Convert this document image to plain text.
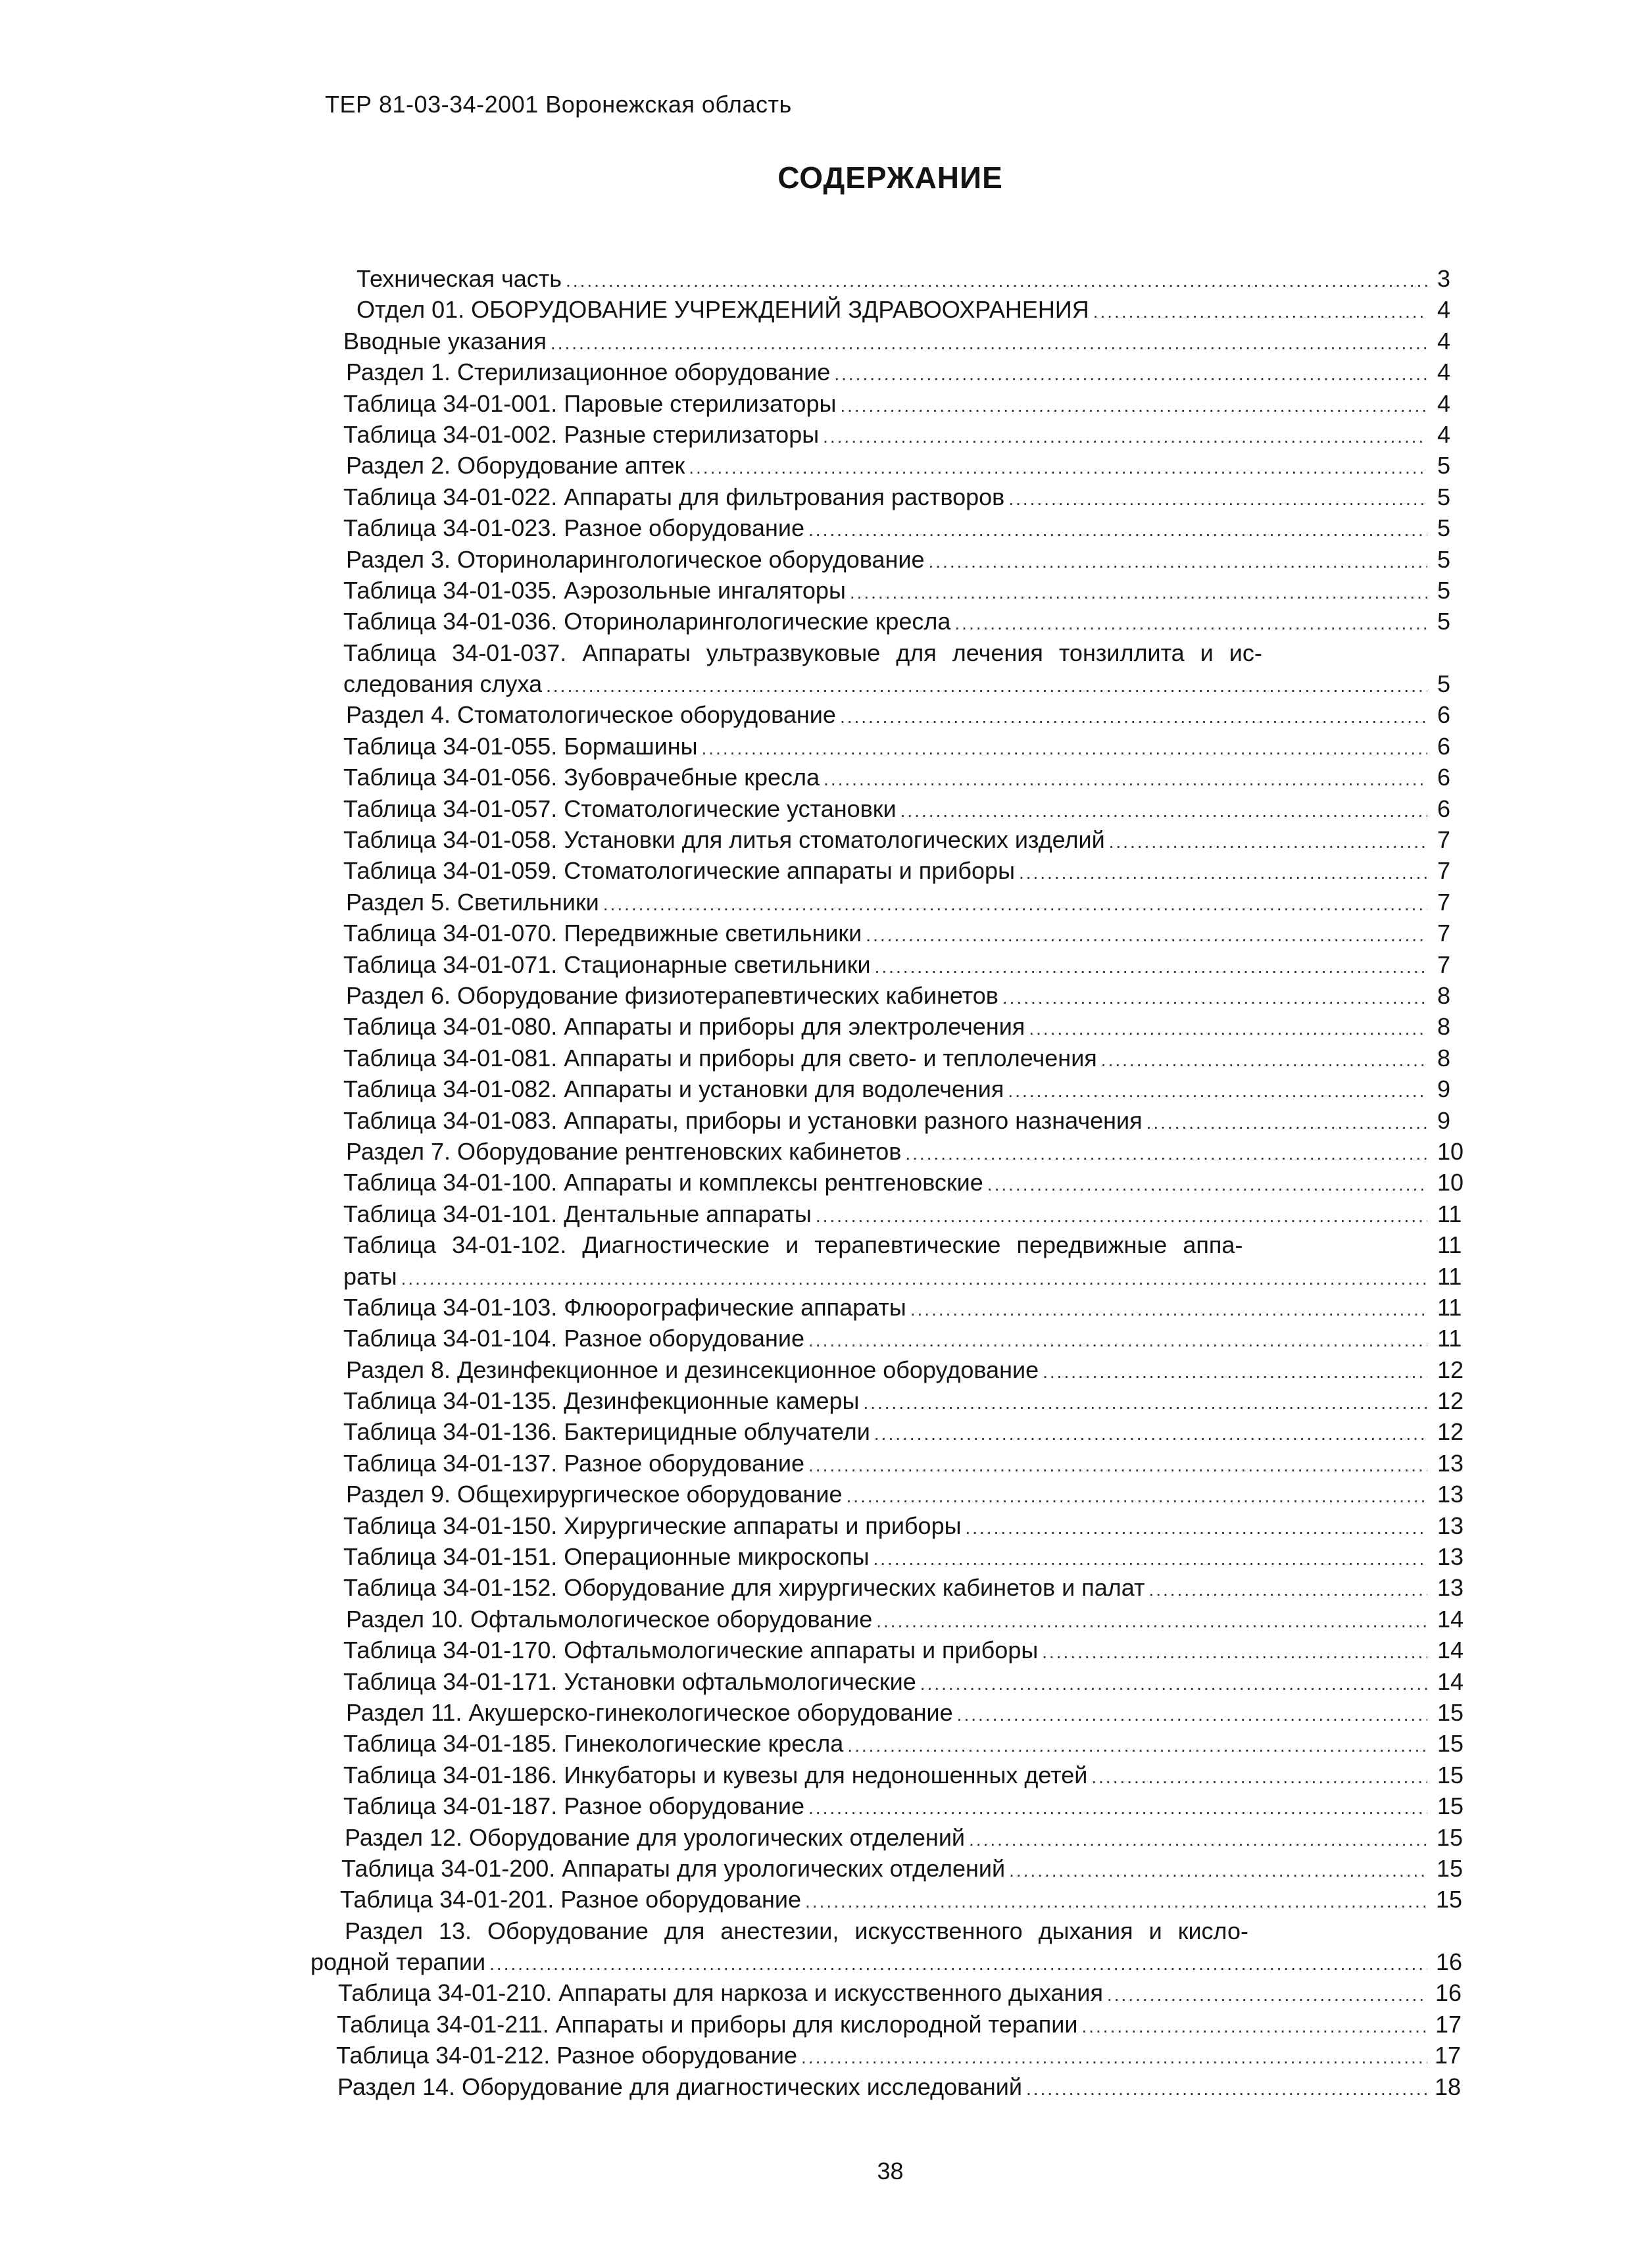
ТЕР 81-03-34-2001 Воронежская область
СОДЕРЖАНИЕ
Техническая часть .....	3
Отдел 01. ОБОРУДОВАНИЕ УЧРЕЖДЕНИЙ ЗДРАВООХРАНЕНИЯ .....	4
Вводные указания .....	4
Раздел 1. Стерилизационное оборудование .....	4
Таблица 34-01-001. Паровые стерилизаторы .....	4
Таблица 34-01-002. Разные стерилизаторы .....	4
Раздел 2. Оборудование аптек .....	5
Таблица 34-01-022. Аппараты для фильтрования растворов .....	5
Таблица 34-01-023. Разное оборудование .....	5
Раздел 3. Оториноларингологическое оборудование .....	5
Таблица 34-01-035. Аэрозольные ингаляторы .....	5
Таблица 34-01-036. Оториноларингологические кресла .....	5
Таблица 34-01-037. Аппараты ультразвуковые для лечения тонзиллита и ис-
следования слуха .....	5
Раздел 4. Стоматологическое оборудование .....	6
Таблица 34-01-055. Бормашины .....	6
Таблица 34-01-056. Зубоврачебные кресла .....	6
Таблица 34-01-057. Стоматологические установки .....	6
Таблица 34-01-058. Установки для литья стоматологических изделий .....	7
Таблица 34-01-059. Стоматологические аппараты и приборы .....	7
Раздел 5. Светильники .....	7
Таблица 34-01-070. Передвижные светильники .....	7
Таблица 34-01-071. Стационарные светильники .....	7
Раздел 6. Оборудование физиотерапевтических кабинетов .....	8
Таблица 34-01-080. Аппараты и приборы для электролечения .....	8
Таблица 34-01-081. Аппараты и приборы для свето- и теплолечения .....	8
Таблица 34-01-082. Аппараты и установки для водолечения .....	9
Таблица 34-01-083. Аппараты, приборы и установки разного назначения .....	9
Раздел 7. Оборудование рентгеновских кабинетов .....	10
Таблица 34-01-100. Аппараты и комплексы рентгеновские .....	10
Таблица 34-01-101. Дентальные аппараты .....	11
Таблица 34-01-102. Диагностические и терапевтические передвижные аппа-	11
раты .....	11
Таблица 34-01-103. Флюорографические аппараты .....	11
Таблица 34-01-104. Разное оборудование .....	11
Раздел 8. Дезинфекционное и дезинсекционное оборудование .....	12
Таблица 34-01-135. Дезинфекционные камеры .....	12
Таблица 34-01-136. Бактерицидные облучатели .....	12
Таблица 34-01-137. Разное оборудование .....	13
Раздел 9. Общехирургическое оборудование .....	13
Таблица 34-01-150. Хирургические аппараты и приборы .....	13
Таблица 34-01-151. Операционные микроскопы .....	13
Таблица 34-01-152. Оборудование для хирургических кабинетов и палат .....	13
Раздел 10. Офтальмологическое оборудование .....	14
Таблица 34-01-170. Офтальмологические аппараты и приборы .....	14
Таблица 34-01-171. Установки офтальмологические .....	14
Раздел 11. Акушерско-гинекологическое оборудование .....	15
Таблица 34-01-185. Гинекологические кресла .....	15
Таблица 34-01-186. Инкубаторы и кувезы для недоношенных детей .....	15
Таблица 34-01-187. Разное оборудование .....	15
Раздел 12. Оборудование для урологических отделений .....	15
Таблица 34-01-200. Аппараты для урологических отделений .....	15
Таблица 34-01-201. Разное оборудование .....	15
Раздел 13. Оборудование для анестезии, искусственного дыхания и кисло-
родной терапии .....	16
Таблица 34-01-210. Аппараты для наркоза и искусственного дыхания .....	16
Таблица 34-01-211. Аппараты и приборы для кислородной терапии .....	17
Таблица 34-01-212. Разное оборудование .....	17
Раздел 14. Оборудование для диагностических исследований .....	18
38
